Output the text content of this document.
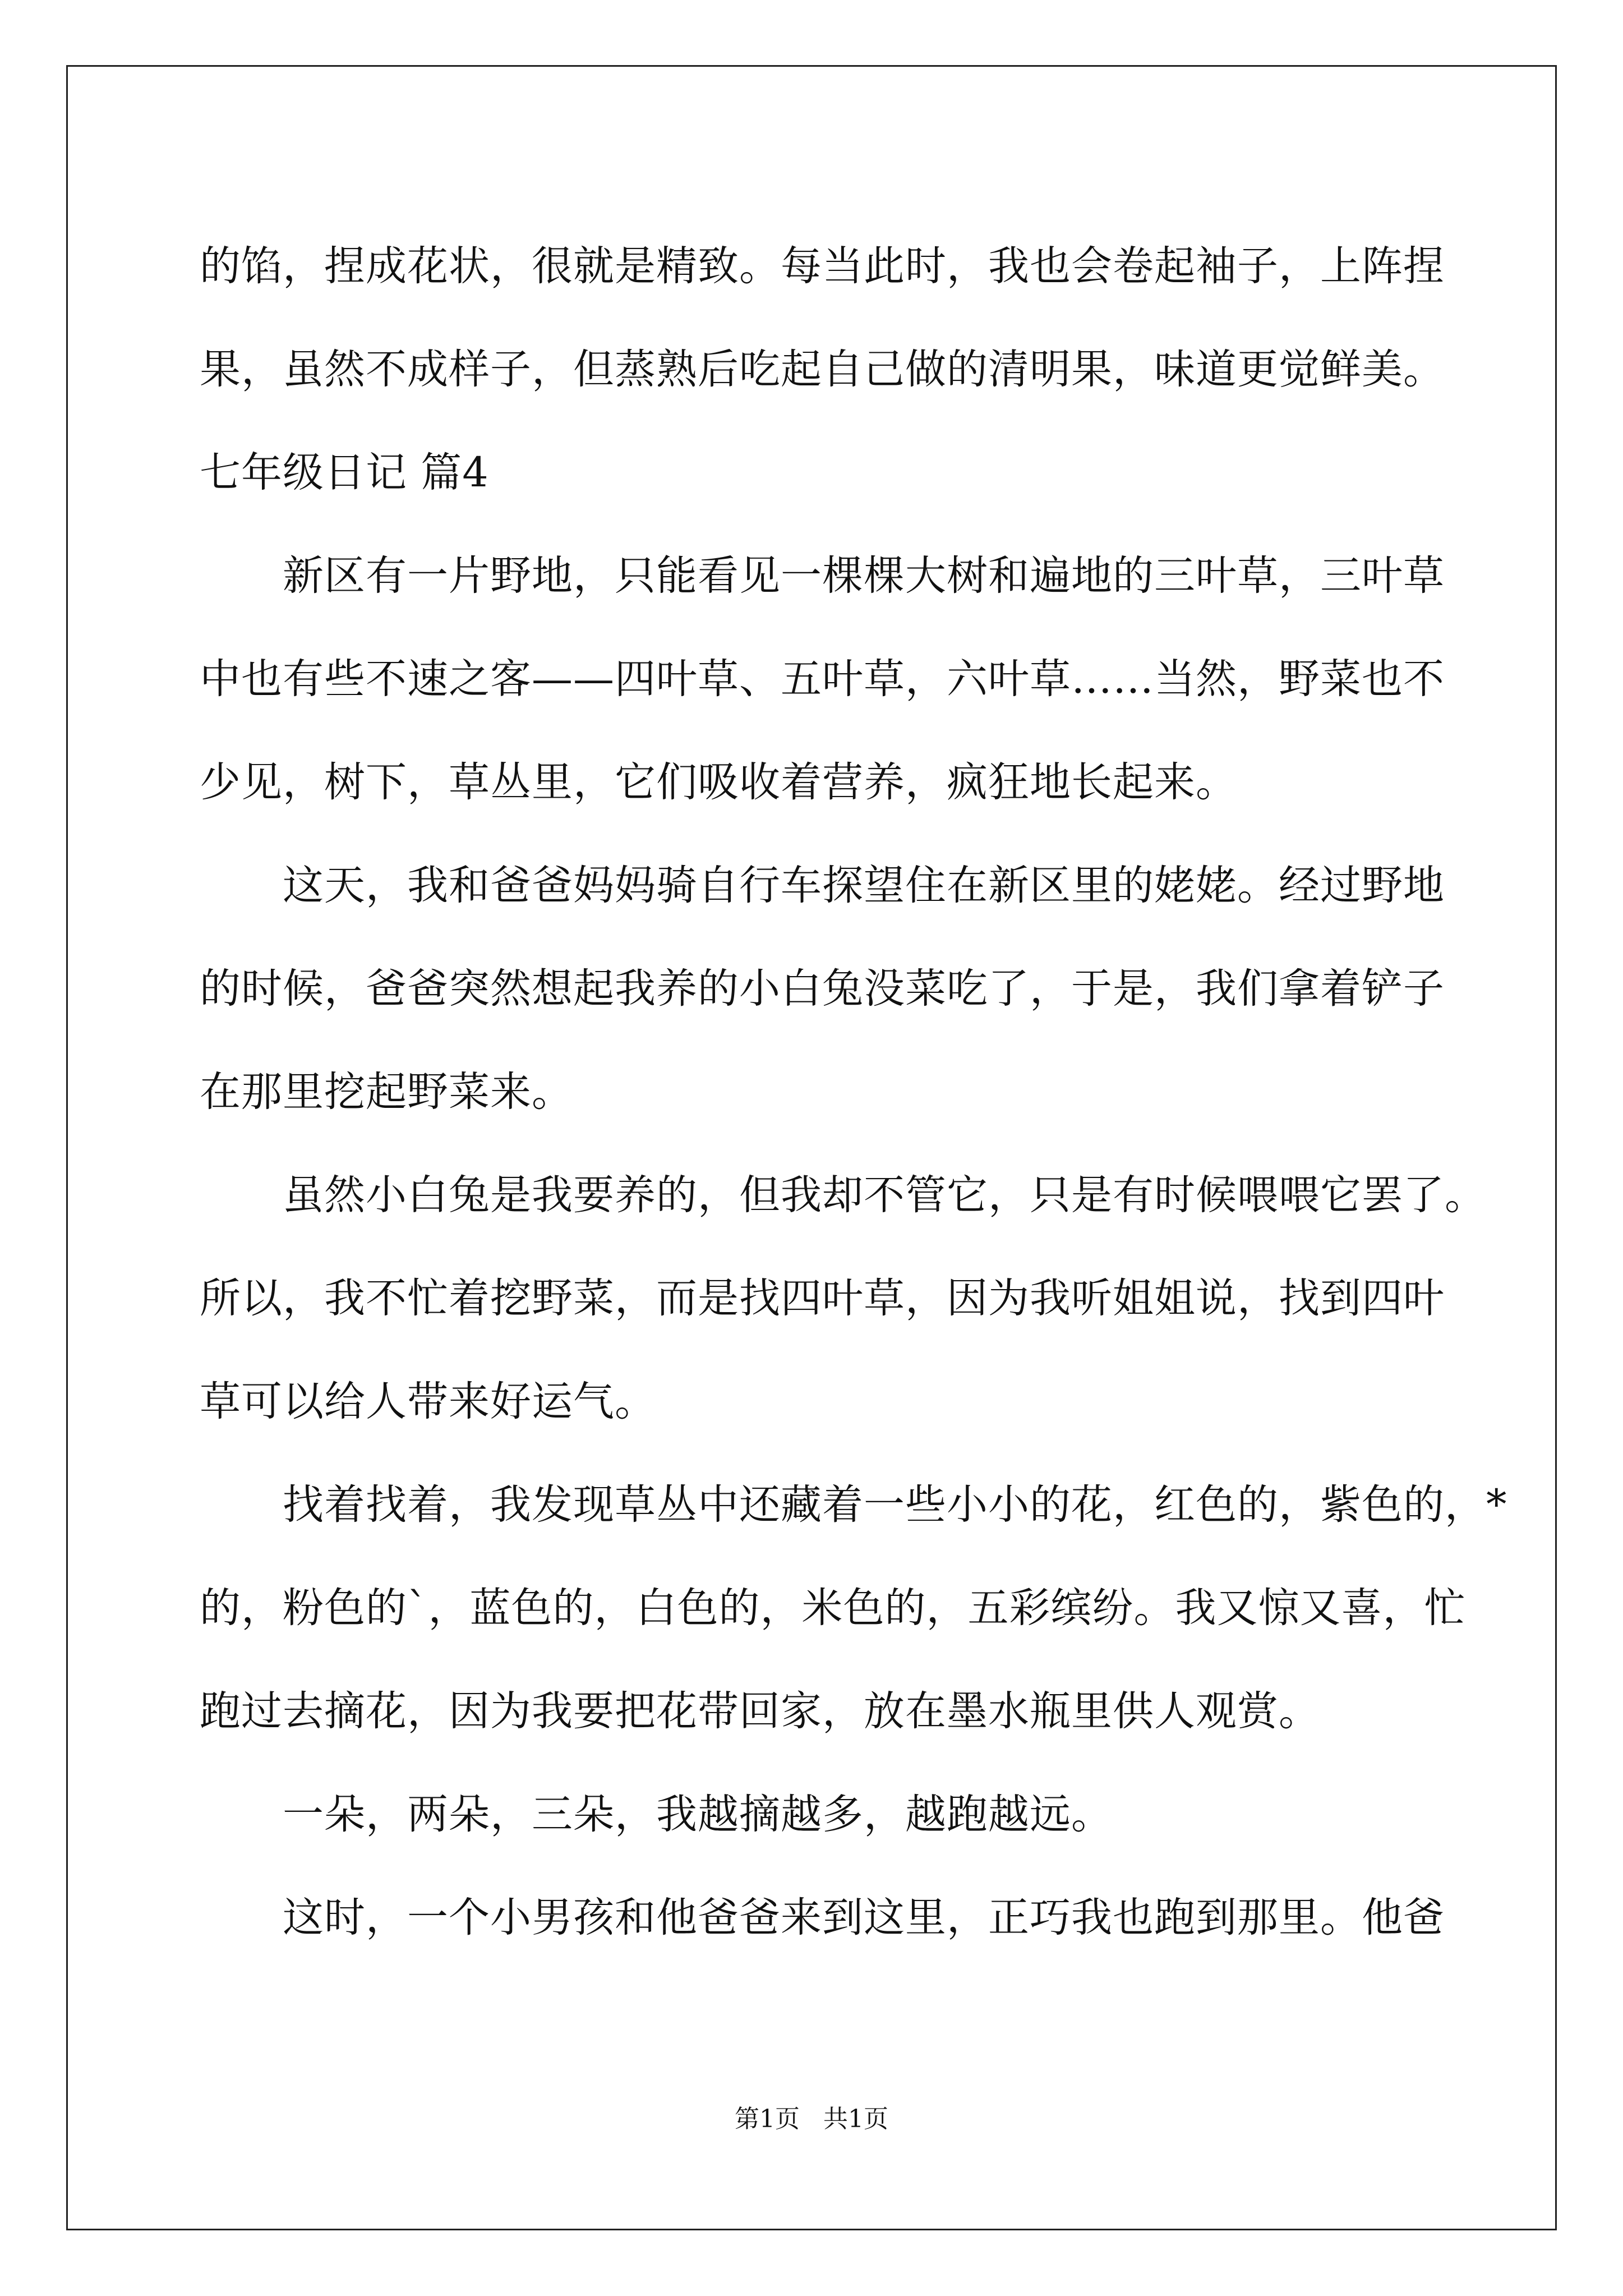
的馅，捏成花状，很就是精致。每当此时，我也会卷起袖子，上阵捏
果，虽然不成样子，但蒸熟后吃起自己做的清明果，味道更觉鲜美。
七年级日记 篇4
新区有一片野地，只能看见一棵棵大树和遍地的三叶草，三叶草
中也有些不速之客——四叶草、五叶草，六叶草……当然，野菜也不
少见，树下，草丛里，它们吸收着营养，疯狂地长起来。
这天，我和爸爸妈妈骑自行车探望住在新区里的姥姥。经过野地
的时候，爸爸突然想起我养的小白兔没菜吃了，于是，我们拿着铲子
在那里挖起野菜来。
虽然小白兔是我要养的，但我却不管它，只是有时候喂喂它罢了。
所以，我不忙着挖野菜，而是找四叶草，因为我听姐姐说，找到四叶
草可以给人带来好运气。
找着找着，我发现草丛中还藏着一些小小的花，红色的，紫色的，*
的，粉色的`，蓝色的，白色的，米色的，五彩缤纷。我又惊又喜，忙
跑过去摘花，因为我要把花带回家，放在墨水瓶里供人观赏。
一朵，两朵，三朵，我越摘越多，越跑越远。
这时，一个小男孩和他爸爸来到这里，正巧我也跑到那里。他爸
第1页   共1页
